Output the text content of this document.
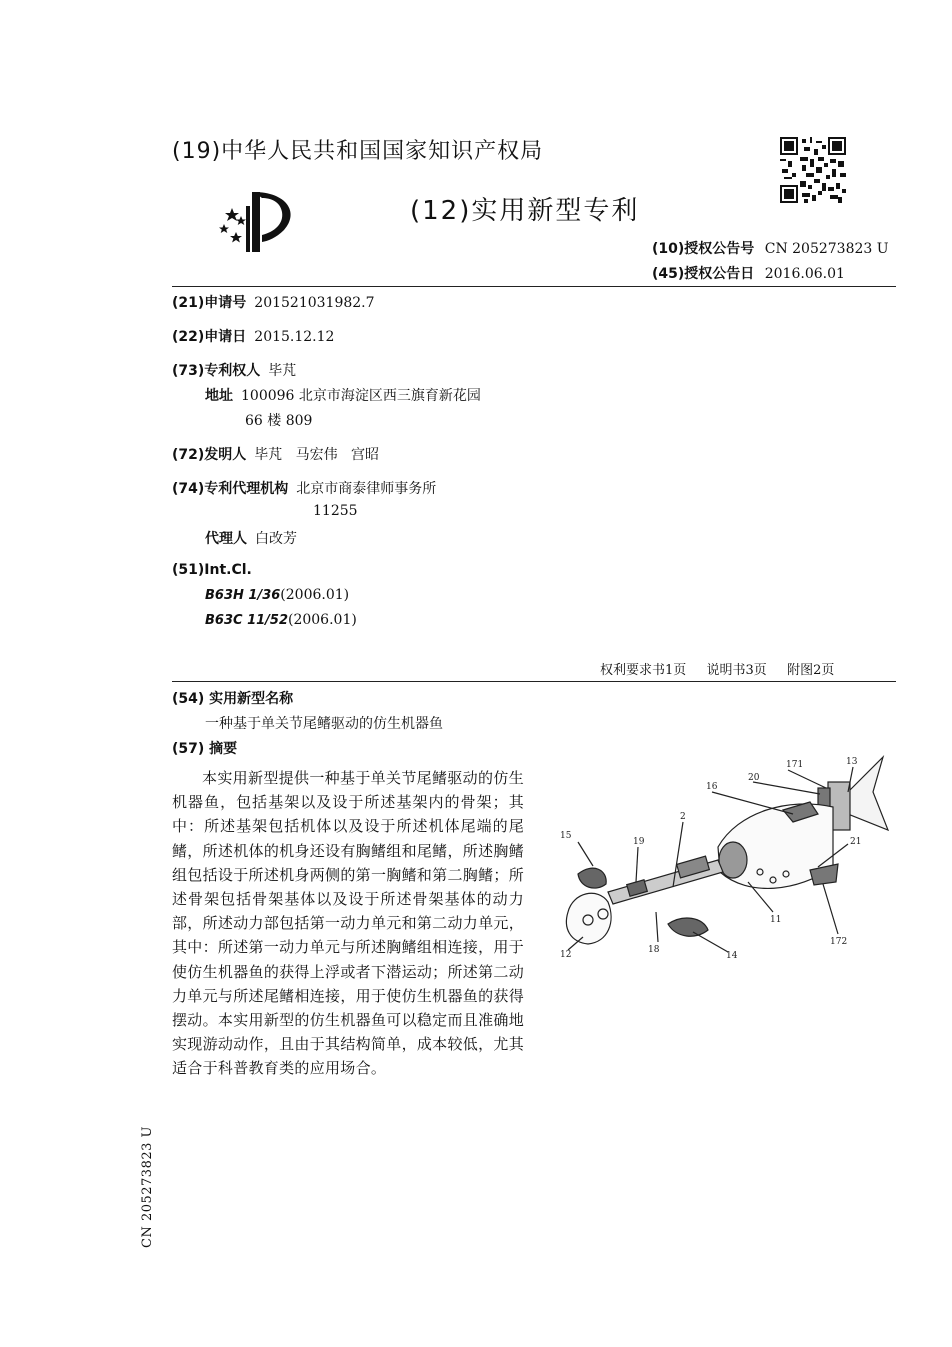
(19)中华人民共和国国家知识产权局
(12)实用新型专利
(10)授权公告号 CN 205273823 U
(45)授权公告日 2016.06.01
(21)申请号 201521031982.7
(22)申请日 2015.12.12
(73)专利权人 毕芃
地址 100096 北京市海淀区西三旗育新花园
66 楼 809
(72)发明人 毕芃   马宏伟   宫昭
(74)专利代理机构 北京市商泰律师事务所
11255
代理人 白改芳
(51)Int.Cl.
B63H 1/36(2006.01)
B63C 11/52(2006.01)
权利要求书1页  说明书3页  附图2页
(54) 实用新型名称
一种基于单关节尾鳍驱动的仿生机器鱼
(57) 摘要
本实用新型提供一种基于单关节尾鳍驱动的仿生机器鱼，包括基架以及设于所述基架内的骨架；其中：所述基架包括机体以及设于所述机体尾端的尾鳍，所述机体的机身还设有胸鳍组和尾鳍，所述胸鳍组包括设于所述机身两侧的第一胸鳍和第二胸鳍；所述骨架包括骨架基体以及设于所述骨架基体的动力部，所述动力部包括第一动力单元和第二动力单元，其中：所述第一动力单元与所述胸鳍组相连接，用于使仿生机器鱼的获得上浮或者下潜运动；所述第二动力单元与所述尾鳍相连接，用于使仿生机器鱼的获得摆动。本实用新型的仿生机器鱼可以稳定而且准确地实现游动动作，且由于其结构简单，成本较低，尤其适合于科普教育类的应用场合。
171	13
20
16
2
19
15
21
11
12	18
14
172
CN 205273823 U
